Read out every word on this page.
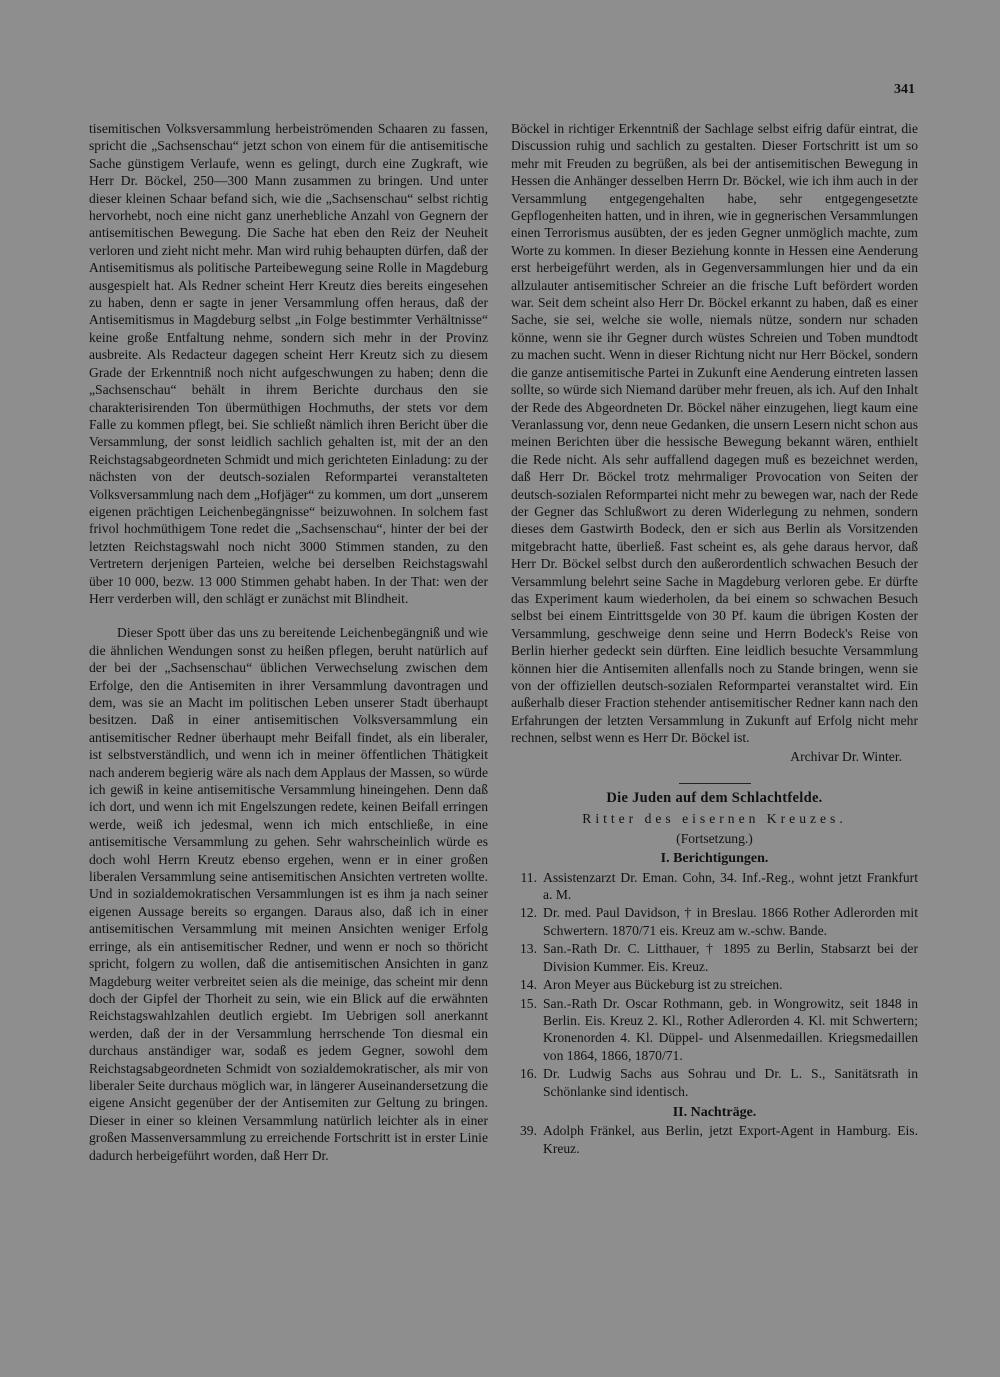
341

tisemitischen Volksversammlung herbeiströmenden Schaaren zu fassen, spricht die „Sachsenschau“ jetzt schon von einem für die antisemitische Sache günstigem Verlaufe, wenn es gelingt, durch eine Zugkraft, wie Herr Dr. Böckel, 250—300 Mann zusammen zu bringen. Und unter dieser kleinen Schaar befand sich, wie die „Sachsenschau“ selbst richtig hervorhebt, noch eine nicht ganz unerhebliche Anzahl von Gegnern der antisemitischen Bewegung. Die Sache hat eben den Reiz der Neuheit verloren und zieht nicht mehr. Man wird ruhig behaupten dürfen, daß der Antisemitismus als politische Parteibewegung seine Rolle in Magdeburg ausgespielt hat. Als Redner scheint Herr Kreutz dies bereits eingesehen zu haben, denn er sagte in jener Versammlung offen heraus, daß der Antisemitismus in Magdeburg selbst „in Folge bestimmter Verhältnisse“ keine große Entfaltung nehme, sondern sich mehr in der Provinz ausbreite. Als Redacteur dagegen scheint Herr Kreutz sich zu diesem Grade der Erkenntniß noch nicht aufgeschwungen zu haben; denn die „Sachsenschau“ behält in ihrem Berichte durchaus den sie charakterisirenden Ton übermüthigen Hochmuths, der stets vor dem Falle zu kommen pflegt, bei. Sie schließt nämlich ihren Bericht über die Versammlung, der sonst leidlich sachlich gehalten ist, mit der an den Reichstagsabgeordneten Schmidt und mich gerichteten Einladung: zu der nächsten von der deutsch-sozialen Reformpartei veranstalteten Volksversammlung nach dem „Hofjäger“ zu kommen, um dort „unserem eigenen prächtigen Leichenbegängnisse“ beizuwohnen. In solchem fast frivol hochmüthigem Tone redet die „Sachsenschau“, hinter der bei der letzten Reichstagswahl noch nicht 3000 Stimmen standen, zu den Vertretern derjenigen Parteien, welche bei derselben Reichstagswahl über 10 000, bezw. 13 000 Stimmen gehabt haben. In der That: wen der Herr verderben will, den schlägt er zunächst mit Blindheit.

Dieser Spott über das uns zu bereitende Leichenbegängniß und wie die ähnlichen Wendungen sonst zu heißen pflegen, beruht natürlich auf der bei der „Sachsenschau“ üblichen Verwechselung zwischen dem Erfolge, den die Antisemiten in ihrer Versammlung davontragen und dem, was sie an Macht im politischen Leben unserer Stadt überhaupt besitzen. Daß in einer antisemitischen Volksversammlung ein antisemitischer Redner überhaupt mehr Beifall findet, als ein liberaler, ist selbstverständlich, und wenn ich in meiner öffentlichen Thätigkeit nach anderem begierig wäre als nach dem Applaus der Massen, so würde ich gewiß in keine antisemitische Versammlung hineingehen. Denn daß ich dort, und wenn ich mit Engelszungen redete, keinen Beifall erringen werde, weiß ich jedesmal, wenn ich mich entschließe, in eine antisemitische Versammlung zu gehen. Sehr wahrscheinlich würde es doch wohl Herrn Kreutz ebenso ergehen, wenn er in einer großen liberalen Versammlung seine antisemitischen Ansichten vertreten wollte. Und in sozialdemokratischen Versammlungen ist es ihm ja nach seiner eigenen Aussage bereits so ergangen. Daraus also, daß ich in einer antisemitischen Versammlung mit meinen Ansichten weniger Erfolg erringe, als ein antisemitischer Redner, und wenn er noch so thöricht spricht, folgern zu wollen, daß die antisemitischen Ansichten in ganz Magdeburg weiter verbreitet seien als die meinige, das scheint mir denn doch der Gipfel der Thorheit zu sein, wie ein Blick auf die erwähnten Reichstagswahlzahlen deutlich ergiebt. Im Uebrigen soll anerkannt werden, daß der in der Versammlung herrschende Ton diesmal ein durchaus anständiger war, sodaß es jedem Gegner, sowohl dem Reichstagsabgeordneten Schmidt von sozialdemokratischer, als mir von liberaler Seite durchaus möglich war, in längerer Auseinandersetzung die eigene Ansicht gegenüber der der Antisemiten zur Geltung zu bringen. Dieser in einer so kleinen Versammlung natürlich leichter als in einer großen Massenversammlung zu erreichende Fortschritt ist in erster Linie dadurch herbeigeführt worden, daß Herr Dr.

Böckel in richtiger Erkenntniß der Sachlage selbst eifrig dafür eintrat, die Discussion ruhig und sachlich zu gestalten. Dieser Fortschritt ist um so mehr mit Freuden zu begrüßen, als bei der antisemitischen Bewegung in Hessen die Anhänger desselben Herrn Dr. Böckel, wie ich ihm auch in der Versammlung entgegengehalten habe, sehr entgegengesetzte Gepflogenheiten hatten, und in ihren, wie in gegnerischen Versammlungen einen Terrorismus ausübten, der es jeden Gegner unmöglich machte, zum Worte zu kommen. In dieser Beziehung konnte in Hessen eine Aenderung erst herbeigeführt werden, als in Gegenversammlungen hier und da ein allzulauter antisemitischer Schreier an die frische Luft befördert worden war. Seit dem scheint also Herr Dr. Böckel erkannt zu haben, daß es einer Sache, sie sei, welche sie wolle, niemals nütze, sondern nur schaden könne, wenn sie ihr Gegner durch wüstes Schreien und Toben mundtodt zu machen sucht. Wenn in dieser Richtung nicht nur Herr Böckel, sondern die ganze antisemitische Partei in Zukunft eine Aenderung eintreten lassen sollte, so würde sich Niemand darüber mehr freuen, als ich. Auf den Inhalt der Rede des Abgeordneten Dr. Böckel näher einzugehen, liegt kaum eine Veranlassung vor, denn neue Gedanken, die unsern Lesern nicht schon aus meinen Berichten über die hessische Bewegung bekannt wären, enthielt die Rede nicht. Als sehr auffallend dagegen muß es bezeichnet werden, daß Herr Dr. Böckel trotz mehrmaliger Provocation von Seiten der deutsch-sozialen Reformpartei nicht mehr zu bewegen war, nach der Rede der Gegner das Schlußwort zu deren Widerlegung zu nehmen, sondern dieses dem Gastwirth Bodeck, den er sich aus Berlin als Vorsitzenden mitgebracht hatte, überließ. Fast scheint es, als gehe daraus hervor, daß Herr Dr. Böckel selbst durch den außerordentlich schwachen Besuch der Versammlung belehrt seine Sache in Magdeburg verloren gebe. Er dürfte das Experiment kaum wiederholen, da bei einem so schwachen Besuch selbst bei einem Eintrittsgelde von 30 Pf. kaum die übrigen Kosten der Versammlung, geschweige denn seine und Herrn Bodeck's Reise von Berlin hierher gedeckt sein dürften. Eine leidlich besuchte Versammlung können hier die Antisemiten allenfalls noch zu Stande bringen, wenn sie von der offiziellen deutsch-sozialen Reformpartei veranstaltet wird. Ein außerhalb dieser Fraction stehender antisemitischer Redner kann nach den Erfahrungen der letzten Versammlung in Zukunft auf Erfolg nicht mehr rechnen, selbst wenn es Herr Dr. Böckel ist.

Archivar Dr. Winter.
Die Juden auf dem Schlachtfelde.
Ritter des eisernen Kreuzes.
(Fortsetzung.)
I. Berichtigungen.
11. Assistenzarzt Dr. Eman. Cohn, 34. Inf.-Reg., wohnt jetzt Frankfurt a. M.
12. Dr. med. Paul Davidson, † in Breslau. 1866 Rother Adlerorden mit Schwertern. 1870/71 eis. Kreuz am w.-schw. Bande.
13. San.-Rath Dr. C. Litthauer, † 1895 zu Berlin, Stabsarzt bei der Division Kummer. Eis. Kreuz.
14. Aron Meyer aus Bückeburg ist zu streichen.
15. San.-Rath Dr. Oscar Rothmann, geb. in Wongrowitz, seit 1848 in Berlin. Eis. Kreuz 2. Kl., Rother Adlerorden 4. Kl. mit Schwertern; Kronenorden 4. Kl. Düppel- und Alsenmedaillen. Kriegsmedaillen von 1864, 1866, 1870/71.
16. Dr. Ludwig Sachs aus Sohrau und Dr. L. S., Sanitätsrath in Schönlanke sind identisch.
II. Nachträge.
39. Adolph Fränkel, aus Berlin, jetzt Export-Agent in Hamburg. Eis. Kreuz.
